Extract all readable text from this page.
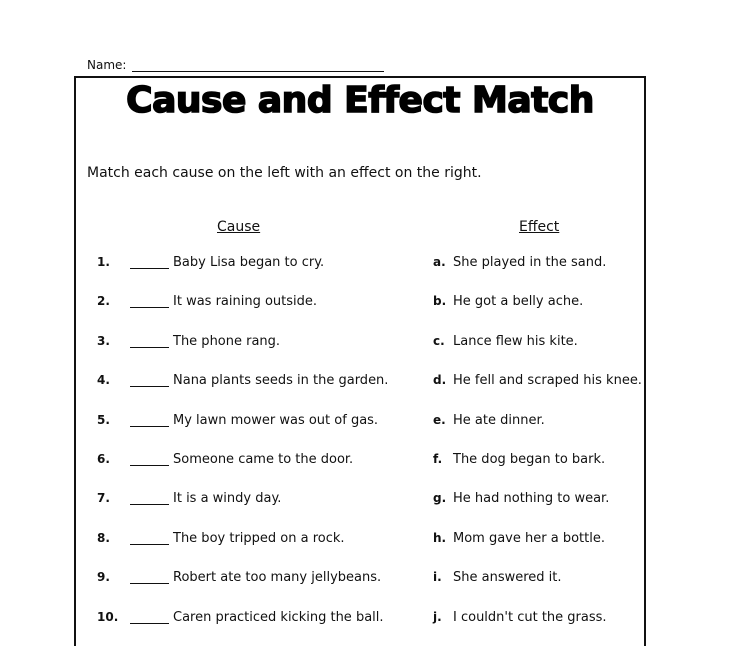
Name:
Cause and Effect Match
Match each cause on the left with an effect on the right.
Cause	Effect
1.	Baby Lisa began to cry.	a. She played in the sand.
2.	It was raining outside.	b. He got a belly ache.
3.	The phone rang.	c. Lance flew his kite.
4.	Nana plants seeds in the garden.	d. He fell and scraped his knee.
5.	My lawn mower was out of gas.	e. He ate dinner.
6.	Someone came to the door.	f. The dog began to bark.
7.	It is a windy day.	g. He had nothing to wear.
8.	The boy tripped on a rock.	h. Mom gave her a bottle.
9.	Robert ate too many jellybeans.	i. She answered it.
10.	Caren practiced kicking the ball.	j. I couldn't cut the grass.
